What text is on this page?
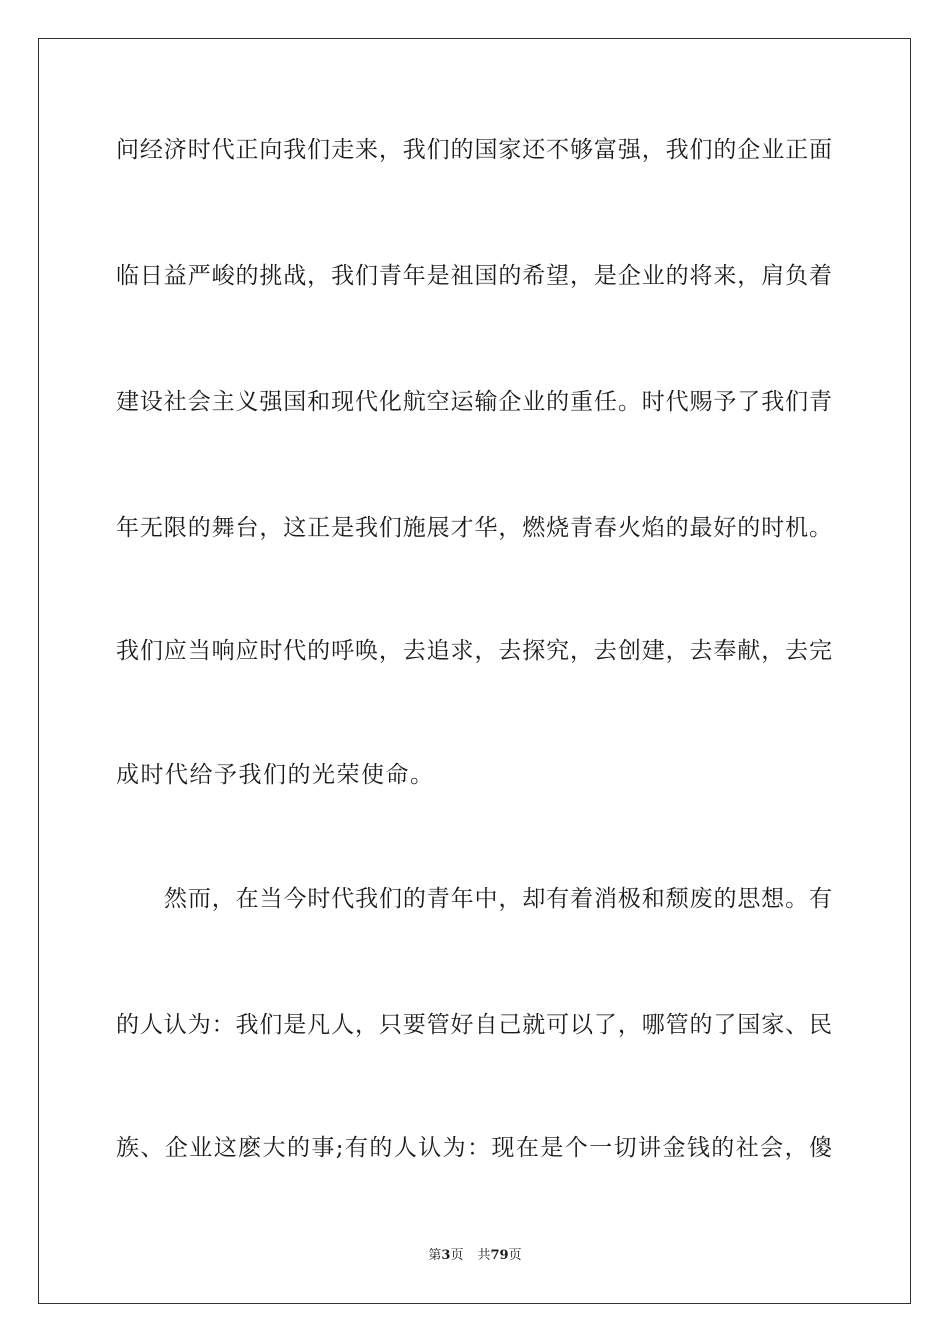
问经济时代正向我们走来，我们的国家还不够富强，我们的企业正面
临日益严峻的挑战，我们青年是祖国的希望，是企业的将来，肩负着
建设社会主义强国和现代化航空运输企业的重任。时代赐予了我们青
年无限的舞台，这正是我们施展才华，燃烧青春火焰的最好的时机。
我们应当响应时代的呼唤，去追求，去探究，去创建，去奉献，去完
成时代给予我们的光荣使命。
然而，在当今时代我们的青年中，却有着消极和颓废的思想。有
的人认为：我们是凡人，只要管好自己就可以了，哪管的了国家、民
族、企业这麽大的事;有的人认为：现在是个一切讲金钱的社会，傻
第3页 共79页
